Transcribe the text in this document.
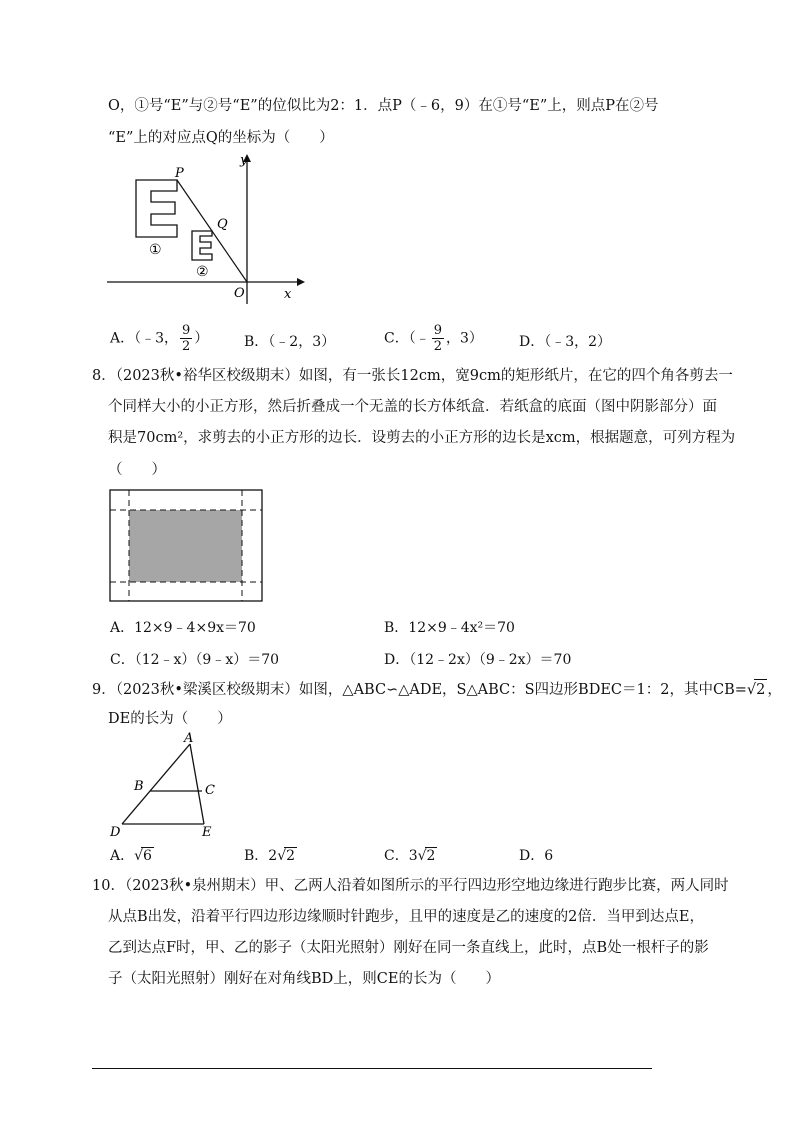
O，①号“E”与②号“E”的位似比为2：1．点P（﹣6，9）在①号“E”上，则点P在②号
“E”上的对应点Q的坐标为（　　）
y
x
O
P
Q
①
②
A．（﹣3， $\frac{9}{2}$ ）	B．（﹣2，3）	C．（﹣ $\frac{9}{2}$ ，3）	D．（﹣3，2）
8．（2023秋•裕华区校级期末）如图，有一张长12cm，宽9cm的矩形纸片，在它的四个角各剪去一
个同样大小的小正方形，然后折叠成一个无盖的长方体纸盒．若纸盒的底面（图中阴影部分）面
积是70cm²，求剪去的小正方形的边长．设剪去的小正方形的边长是xcm，根据题意，可列方程为
（　　）
A．12×9﹣4×9x＝70	B．12×9﹣4x²＝70
C．（12﹣x）（9﹣x）＝70	D．（12﹣2x）（9﹣2x）＝70
9．（2023秋•梁溪区校级期末）如图，△ABC∽△ADE，S△ABC：S四边形BDEC＝1：2，其中CB=√2 ，
DE的长为（　　）
A
B	C
D	E
A．√6	B．2√2	C．3√2	D．6
10．（2023秋•泉州期末）甲、乙两人沿着如图所示的平行四边形空地边缘进行跑步比赛，两人同时
从点B出发，沿着平行四边形边缘顺时针跑步，且甲的速度是乙的速度的2倍．当甲到达点E，
乙到达点F时，甲、乙的影子（太阳光照射）刚好在同一条直线上，此时，点B处一根杆子的影
子（太阳光照射）刚好在对角线BD上，则CE的长为（　　）
